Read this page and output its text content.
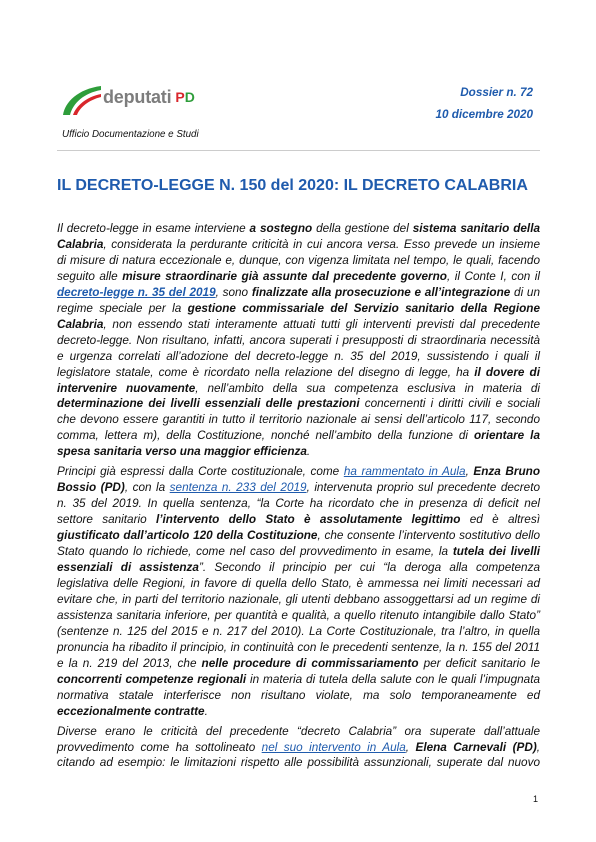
deputati PD
Ufficio Documentazione e Studi
Dossier n. 72
10 dicembre 2020
IL DECRETO-LEGGE N. 150 del 2020: IL DECRETO CALABRIA

Il decreto-legge in esame interviene a sostegno della gestione del sistema sanitario della
Calabria, considerata la perdurante criticità in cui ancora versa. Esso prevede un insieme
di misure di natura eccezionale e, dunque, con vigenza limitata nel tempo, le quali, facendo
seguito alle misure straordinarie già assunte dal precedente governo, il Conte I, con il
decreto-legge n. 35 del 2019, sono finalizzate alla prosecuzione e all’integrazione di un
regime speciale per la gestione commissariale del Servizio sanitario della Regione
Calabria, non essendo stati interamente attuati tutti gli interventi previsti dal precedente
decreto-legge. Non risultano, infatti, ancora superati i presupposti di straordinaria necessità
e urgenza correlati all’adozione del decreto-legge n. 35 del 2019, sussistendo i quali il
legislatore statale, come è ricordato nella relazione del disegno di legge, ha il dovere di
intervenire nuovamente, nell’ambito della sua competenza esclusiva in materia di
determinazione dei livelli essenziali delle prestazioni concernenti i diritti civili e sociali
che devono essere garantiti in tutto il territorio nazionale ai sensi dell’articolo 117, secondo
comma, lettera m), della Costituzione, nonché nell’ambito della funzione di orientare la
spesa sanitaria verso una maggior efficienza.

Principi già espressi dalla Corte costituzionale, come ha rammentato in Aula, Enza Bruno
Bossio (PD), con la sentenza n. 233 del 2019, intervenuta proprio sul precedente decreto
n. 35 del 2019. In quella sentenza, “la Corte ha ricordato che in presenza di deficit nel
settore sanitario l’intervento dello Stato è assolutamente legittimo ed è altresì
giustificato dall’articolo 120 della Costituzione, che consente l’intervento sostitutivo dello
Stato quando lo richiede, come nel caso del provvedimento in esame, la tutela dei livelli
essenziali di assistenza”. Secondo il principio per cui “la deroga alla competenza
legislativa delle Regioni, in favore di quella dello Stato, è ammessa nei limiti necessari ad
evitare che, in parti del territorio nazionale, gli utenti debbano assoggettarsi ad un regime di
assistenza sanitaria inferiore, per quantità e qualità, a quello ritenuto intangibile dallo Stato”
(sentenze n. 125 del 2015 e n. 217 del 2010). La Corte Costituzionale, tra l’altro, in quella
pronuncia ha ribadito il principio, in continuità con le precedenti sentenze, la n. 155 del 2011
e la n. 219 del 2013, che nelle procedure di commissariamento per deficit sanitario le
concorrenti competenze regionali in materia di tutela della salute con le quali l’impugnata
normativa statale interferisce non risultano violate, ma solo temporaneamente ed
eccezionalmente contratte.

Diverse erano le criticità del precedente “decreto Calabria” ora superate dall’attuale
provvedimento come ha sottolineato nel suo intervento in Aula, Elena Carnevali (PD),
citando ad esempio: le limitazioni rispetto alle possibilità assunzionali, superate dal nuovo

1
